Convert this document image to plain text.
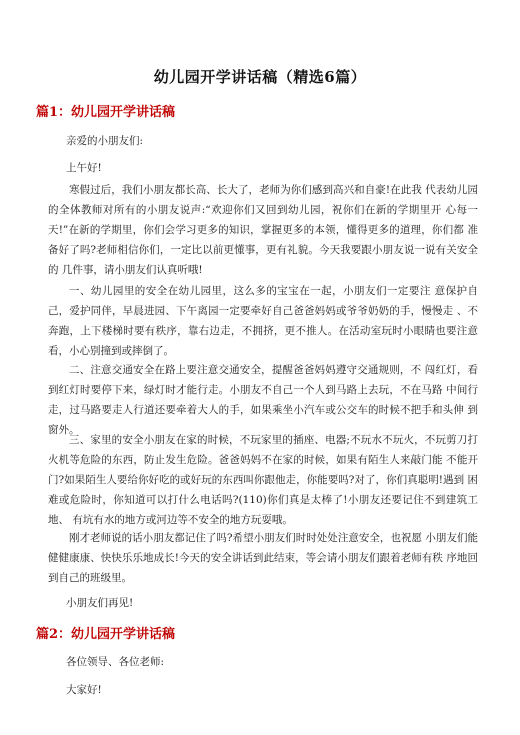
幼儿园开学讲话稿（精选6篇）
篇1：幼儿园开学讲话稿
亲爱的小朋友们:
上午好!
寒假过后，我们小朋友都长高、长大了，老师为你们感到高兴和自豪!在此我 代表幼儿园的全体教师对所有的小朋友说声:“欢迎你们又回到幼儿园，祝你们在新的学期里开 心每一天!”在新的学期里，你们会学习更多的知识，掌握更多的本领，懂得更多的道理，你们都 准备好了吗?老师相信你们，一定比以前更懂事，更有礼貌。今天我要跟小朋友说一说有关安全的 几件事，请小朋友们认真听哦!
一、幼儿园里的安全在幼儿园里，这么多的宝宝在一起，小朋友们一定要注 意保护自己，爱护同伴，早晨进园、下午离园一定要牵好自己爸爸妈妈或爷爷奶奶的手，慢慢走 、不奔跑，上下楼梯时要有秩序，靠右边走，不拥挤，更不推人。在活动室玩时小眼睛也要注意 看，小心别撞到或摔倒了。
二、注意交通安全在路上要注意交通安全，提醒爸爸妈妈遵守交通规则，不 闯红灯，看到红灯时要停下来，绿灯时才能行走。小朋友不自己一个人到马路上去玩，不在马路 中间行走，过马路要走人行道还要牵着大人的手，如果乘坐小汽车或公交车的时候不把手和头伸 到窗外。
三、家里的安全小朋友在家的时候，不玩家里的插座、电器;不玩水不玩火，不玩剪刀打火机等危险的东西，防止发生危险。爸爸妈妈不在家的时候，如果有陌生人来敲门能 不能开门?如果陌生人要给你好吃的或好玩的东西叫你跟他走，你能要吗?对了，你们真聪明!遇到 困难或危险时，你知道可以打什么电话吗?(110)你们真是太棒了!小朋友还要记住不到建筑工地、 有坑有水的地方或河边等不安全的地方玩耍哦。
刚才老师说的话小朋友都记住了吗?希望小朋友们时时处处注意安全，也祝愿 小朋友们能健健康康、快快乐乐地成长!今天的安全讲话到此结束，等会请小朋友们跟着老师有秩 序地回到自己的班级里。
小朋友们再见!
篇2：幼儿园开学讲话稿
各位领导、各位老师:
大家好!
